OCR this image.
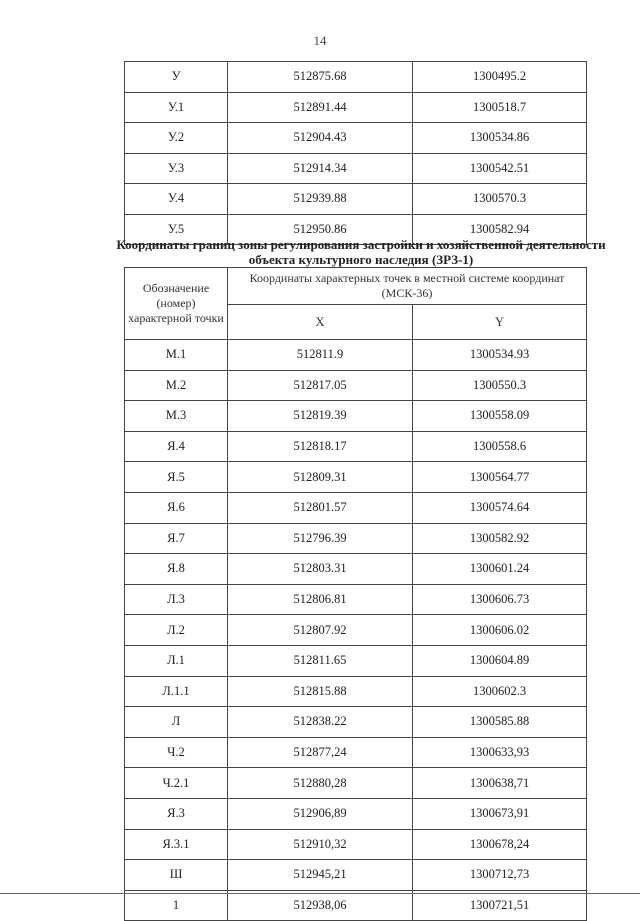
14
У	512875.68	1300495.2
У.1	512891.44	1300518.7
У.2	512904.43	1300534.86
У.3	512914.34	1300542.51
У.4	512939.88	1300570.3
У.5	512950.86	1300582.94
Координаты границ зоны регулирования застройки и хозяйственной деятельности объекта культурного наследия (ЗРЗ-1)
Обозначение (номер) характерной точки	Координаты характерных точек в местной системе координат (МСК-36)	
	X	Y
М.1	512811.9	1300534.93
М.2	512817.05	1300550.3
М.3	512819.39	1300558.09
Я.4	512818.17	1300558.6
Я.5	512809.31	1300564.77
Я.6	512801.57	1300574.64
Я.7	512796.39	1300582.92
Я.8	512803.31	1300601.24
Л.3	512806.81	1300606.73
Л.2	512807.92	1300606.02
Л.1	512811.65	1300604.89
Л.1.1	512815.88	1300602.3
Л	512838.22	1300585.88
Ч.2	512877,24	1300633,93
Ч.2.1	512880,28	1300638,71
Я.3	512906,89	1300673,91
Я.3.1	512910,32	1300678,24
Ш	512945,21	1300712,73
1	512938,06	1300721,51
